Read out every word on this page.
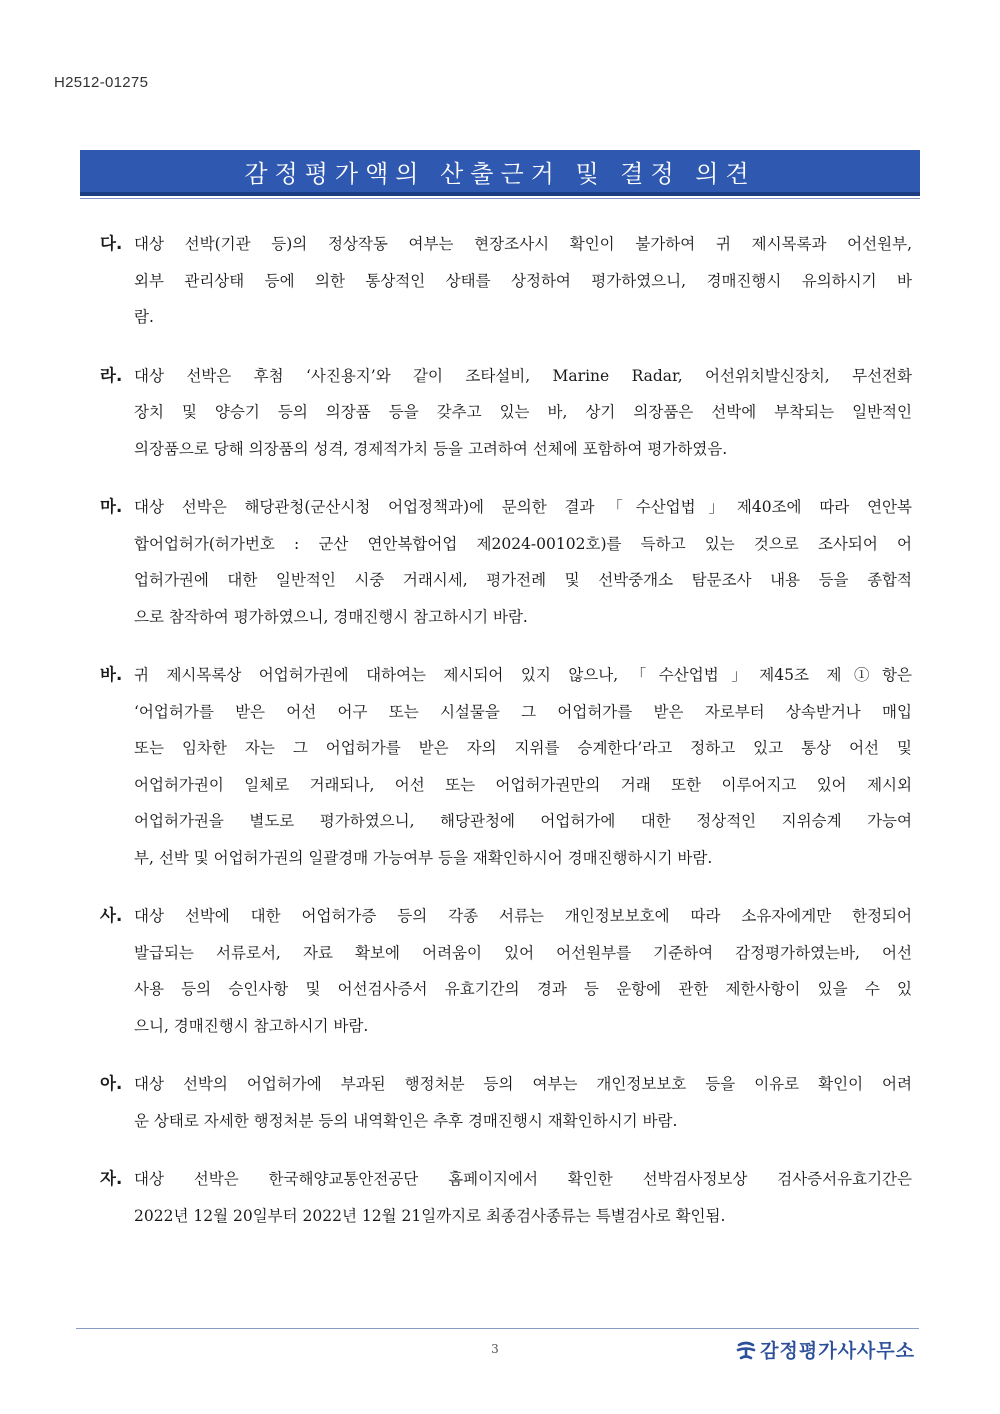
H2512-01275
감정평가액의 산출근거 및 결정 의견
다. 대상 선박(기관 등)의 정상작동 여부는 현장조사시 확인이 불가하여 귀 제시목록과 어선원부,
외부 관리상태 등에 의한 통상적인 상태를 상정하여 평가하였으니, 경매진행시 유의하시기 바
람.
라. 대상 선박은 후첨 ‘사진용지’와 같이 조타설비, Marine Radar, 어선위치발신장치, 무선전화
장치 및 양승기 등의 의장품 등을 갖추고 있는 바, 상기 의장품은 선박에 부착되는 일반적인
의장품으로 당해 의장품의 성격, 경제적가치 등을 고려하여 선체에 포함하여 평가하였음.
마. 대상 선박은 해당관청(군산시청 어업정책과)에 문의한 결과「수산업법」제40조에 따라 연안복
합어업허가(허가번호 : 군산 연안복합어업 제2024-00102호)를 득하고 있는 것으로 조사되어 어
업허가권에 대한 일반적인 시중 거래시세, 평가전례 및 선박중개소 탐문조사 내용 등을 종합적
으로 참작하여 평가하였으니, 경매진행시 참고하시기 바람.
바. 귀 제시목록상 어업허가권에 대하여는 제시되어 있지 않으나,「수산업법」제45조 제①항은
‘어업허가를 받은 어선 어구 또는 시설물을 그 어업허가를 받은 자로부터 상속받거나 매입
또는 임차한 자는 그 어업허가를 받은 자의 지위를 승계한다’라고 정하고 있고 통상 어선 및
어업허가권이 일체로 거래되나, 어선 또는 어업허가권만의 거래 또한 이루어지고 있어 제시외
어업허가권을 별도로 평가하였으니, 해당관청에 어업허가에 대한 정상적인 지위승계 가능여
부, 선박 및 어업허가권의 일괄경매 가능여부 등을 재확인하시어 경매진행하시기 바람.
사. 대상 선박에 대한 어업허가증 등의 각종 서류는 개인정보보호에 따라 소유자에게만 한정되어
발급되는 서류로서, 자료 확보에 어려움이 있어 어선원부를 기준하여 감정평가하였는바, 어선
사용 등의 승인사항 및 어선검사증서 유효기간의 경과 등 운항에 관한 제한사항이 있을 수 있
으니, 경매진행시 참고하시기 바람.
아. 대상 선박의 어업허가에 부과된 행정처분 등의 여부는 개인정보보호 등을 이유로 확인이 어려
운 상태로 자세한 행정처분 등의 내역확인은 추후 경매진행시 재확인하시기 바람.
자. 대상 선박은 한국해양교통안전공단 홈페이지에서 확인한 선박검사정보상 검사증서유효기간은
2022년 12월 20일부터 2022년 12월 21일까지로 최종검사종류는 특별검사로 확인됨.
3	감정평가사사무소
